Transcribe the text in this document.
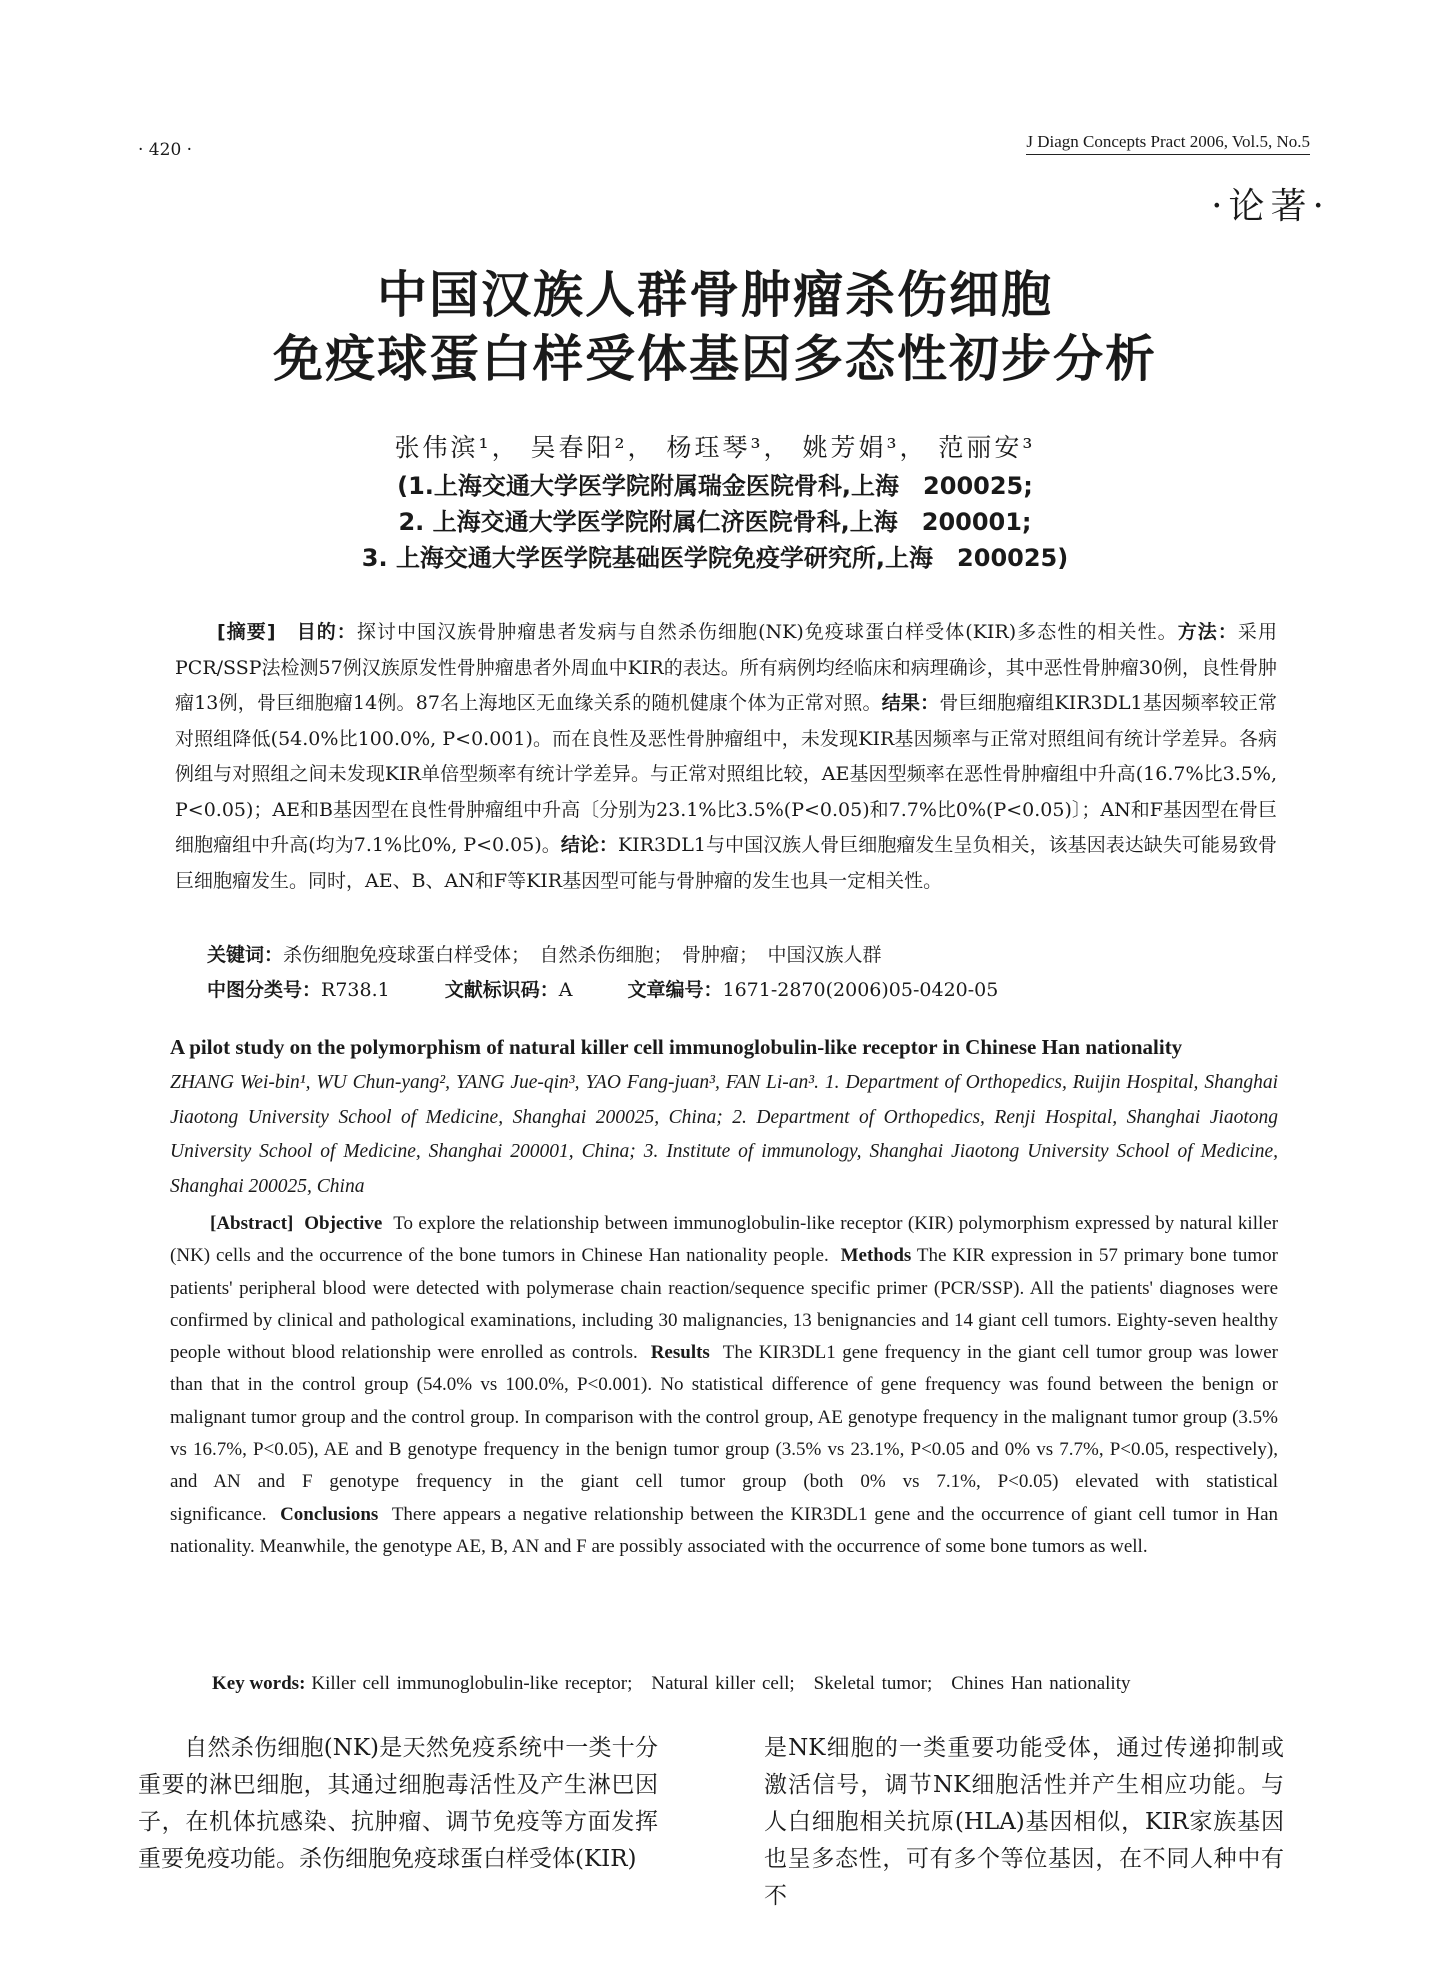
· 420 ·	J Diagn Concepts Pract 2006, Vol.5, No.5
·论著·
中国汉族人群骨肿瘤杀伤细胞
免疫球蛋白样受体基因多态性初步分析
张伟滨¹， 吴春阳²， 杨珏琴³， 姚芳娟³， 范丽安³
(1.上海交通大学医学院附属瑞金医院骨科,上海　200025;
2. 上海交通大学医学院附属仁济医院骨科,上海　200001;
3. 上海交通大学医学院基础医学院免疫学研究所,上海　200025)
[摘要]　 目的：探讨中国汉族骨肿瘤患者发病与自然杀伤细胞(NK)免疫球蛋白样受体(KIR)多态性的相关性。方法：采用PCR/SSP法检测57例汉族原发性骨肿瘤患者外周血中KIR的表达。所有病例均经临床和病理确诊，其中恶性骨肿瘤30例，良性骨肿瘤13例，骨巨细胞瘤14例。87名上海地区无血缘关系的随机健康个体为正常对照。结果：骨巨细胞瘤组KIR3DL1基因频率较正常对照组降低(54.0%比100.0%, P<0.001)。而在良性及恶性骨肿瘤组中，未发现KIR基因频率与正常对照组间有统计学差异。各病例组与对照组之间未发现KIR单倍型频率有统计学差异。与正常对照组比较，AE基因型频率在恶性骨肿瘤组中升高(16.7%比3.5%, P<0.05)；AE和B基因型在良性骨肿瘤组中升高〔分别为23.1%比3.5%(P<0.05)和7.7%比0%(P<0.05)〕；AN和F基因型在骨巨细胞瘤组中升高(均为7.1%比0%, P<0.05)。结论：KIR3DL1与中国汉族人骨巨细胞瘤发生呈负相关，该基因表达缺失可能易致骨巨细胞瘤发生。同时，AE、B、AN和F等KIR基因型可能与骨肿瘤的发生也具一定相关性。
关键词：杀伤细胞免疫球蛋白样受体；　自然杀伤细胞；　骨肿瘤；　中国汉族人群
中图分类号：R738.1	文献标识码：A	文章编号：1671-2870(2006)05-0420-05
A pilot study on the polymorphism of natural killer cell immunoglobulin-like receptor in Chinese Han nationality
ZHANG Wei-bin¹, WU Chun-yang², YANG Jue-qin³, YAO Fang-juan³, FAN Li-an³. 1. Department of Orthopedics, Ruijin Hospital, Shanghai Jiaotong University School of Medicine, Shanghai 200025, China; 2. Department of Orthopedics, Renji Hospital, Shanghai Jiaotong University School of Medicine, Shanghai 200001, China; 3. Institute of immunology, Shanghai Jiaotong University School of Medicine, Shanghai 200025, China
[Abstract] Objective To explore the relationship between immunoglobulin-like receptor (KIR) polymorphism expressed by natural killer (NK) cells and the occurrence of the bone tumors in Chinese Han nationality people. Methods The KIR expression in 57 primary bone tumor patients' peripheral blood were detected with polymerase chain reaction/sequence specific primer (PCR/SSP). All the patients' diagnoses were confirmed by clinical and pathological examinations, including 30 malignancies, 13 benignancies and 14 giant cell tumors. Eighty-seven healthy people without blood relationship were enrolled as controls. Results The KIR3DL1 gene frequency in the giant cell tumor group was lower than that in the control group (54.0% vs 100.0%, P<0.001). No statistical difference of gene frequency was found between the benign or malignant tumor group and the control group. In comparison with the control group, AE genotype frequency in the malignant tumor group (3.5% vs 16.7%, P<0.05), AE and B genotype frequency in the benign tumor group (3.5% vs 23.1%, P<0.05 and 0% vs 7.7%, P<0.05, respectively), and AN and F genotype frequency in the giant cell tumor group (both 0% vs 7.1%, P<0.05) elevated with statistical significance. Conclusions There appears a negative relationship between the KIR3DL1 gene and the occurrence of giant cell tumor in Han nationality. Meanwhile, the genotype AE, B, AN and F are possibly associated with the occurrence of some bone tumors as well.
Key words: Killer cell immunoglobulin-like receptor;　Natural killer cell;　Skeletal tumor;　Chines Han nationality
自然杀伤细胞(NK)是天然免疫系统中一类十分重要的淋巴细胞，其通过细胞毒活性及产生淋巴因子，在机体抗感染、抗肿瘤、调节免疫等方面发挥重要免疫功能。杀伤细胞免疫球蛋白样受体(KIR)
是NK细胞的一类重要功能受体，通过传递抑制或激活信号，调节NK细胞活性并产生相应功能。与人白细胞相关抗原(HLA)基因相似，KIR家族基因也呈多态性，可有多个等位基因，在不同人种中有不
